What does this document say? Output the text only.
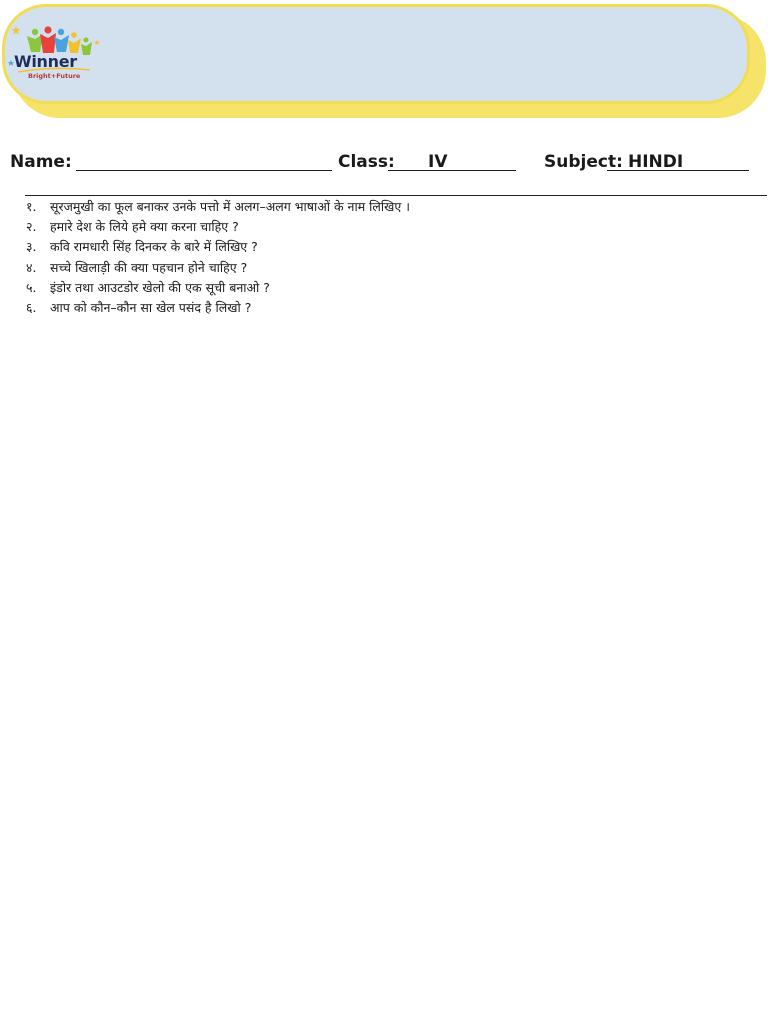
Winner
Bright+Future
Name:	Class: IV	Subject: HINDI
१.	सूरजमुखी का फूल बनाकर उनके पत्तो में अलग–अलग भाषाओं के नाम लिखिए ।
२.	हमारे देश के लिये हमे क्या करना चाहिए ?
३.	कवि रामधारी सिंह दिनकर के बारे में लिखिए ?
४.	सच्चे खिलाड़ी की क्या पहचान होने चाहिए ?
५.	इंडोर तथा आउटडोर खेलो की एक सूची बनाओ ?
६.	आप को कौन–कौन सा खेल पसंद है लिखो ?
